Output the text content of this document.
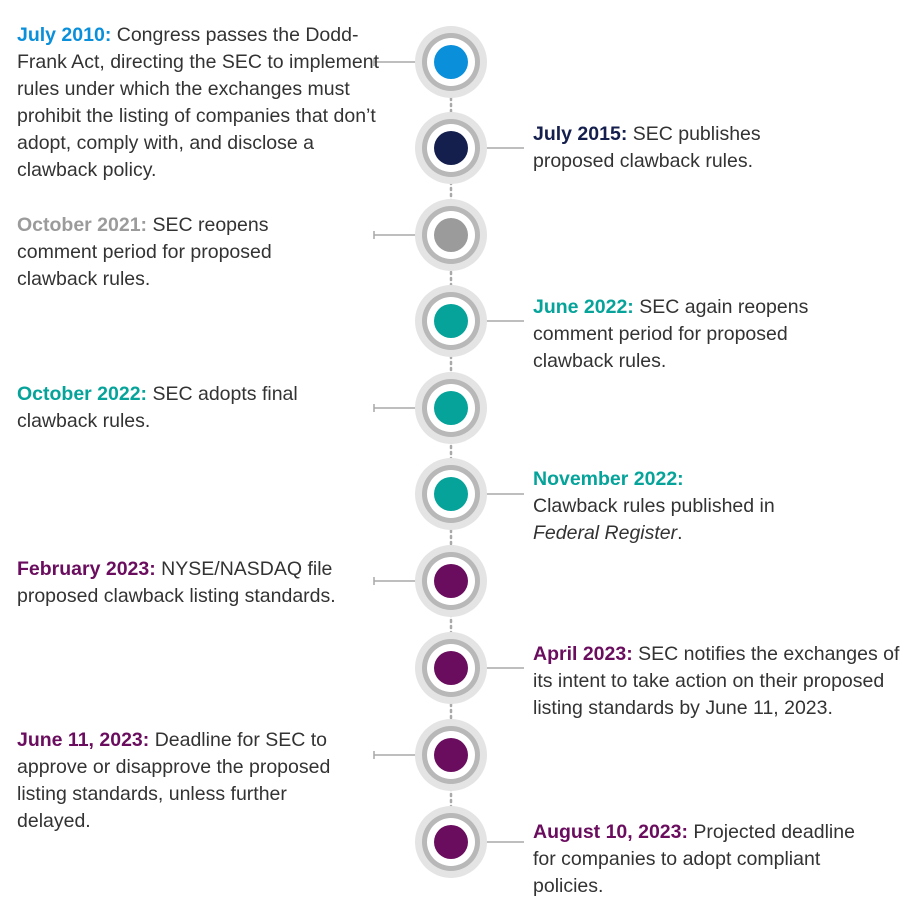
July 2010: Congress passes the Dodd-Frank Act, directing the SEC to implement rules under which the exchanges must prohibit the listing of companies that don’t adopt, comply with, and disclose a clawback policy.
July 2015: SEC publishes proposed clawback rules.
October 2021: SEC reopens comment period for proposed clawback rules.
June 2022: SEC again reopens comment period for proposed clawback rules.
October 2022: SEC adopts final clawback rules.
November 2022:
Clawback rules published in Federal Register.
February 2023: NYSE/NASDAQ file proposed clawback listing standards.
April 2023: SEC notifies the exchanges of its intent to take action on their proposed listing standards by June 11, 2023.
June 11, 2023: Deadline for SEC to approve or disapprove the proposed listing standards, unless further delayed.	August 10, 2023: Projected deadline for companies to adopt compliant policies.
